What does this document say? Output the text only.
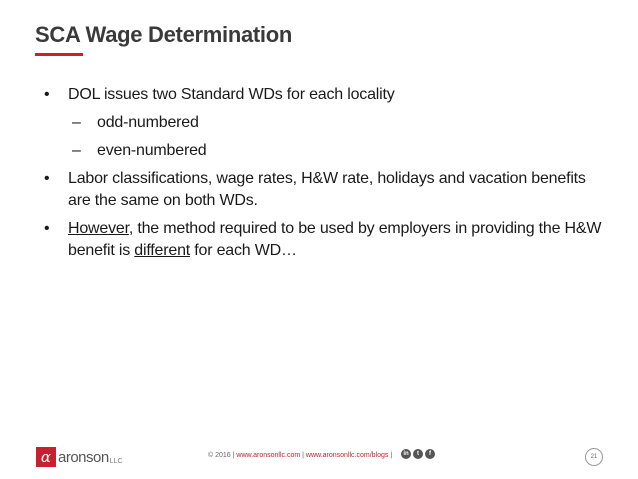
SCA Wage Determination
• DOL issues two Standard WDs for each locality
– odd-numbered
– even-numbered
• Labor classifications, wage rates, H&W rate, holidays and vacation benefits are the same on both WDs.
• However, the method required to be used by employers in providing the H&W benefit is different for each WD…
α aronson LLC
© 2016 | www.aronsonllc.com | www.aronsonllc.com/blogs |	in	t	f	21
